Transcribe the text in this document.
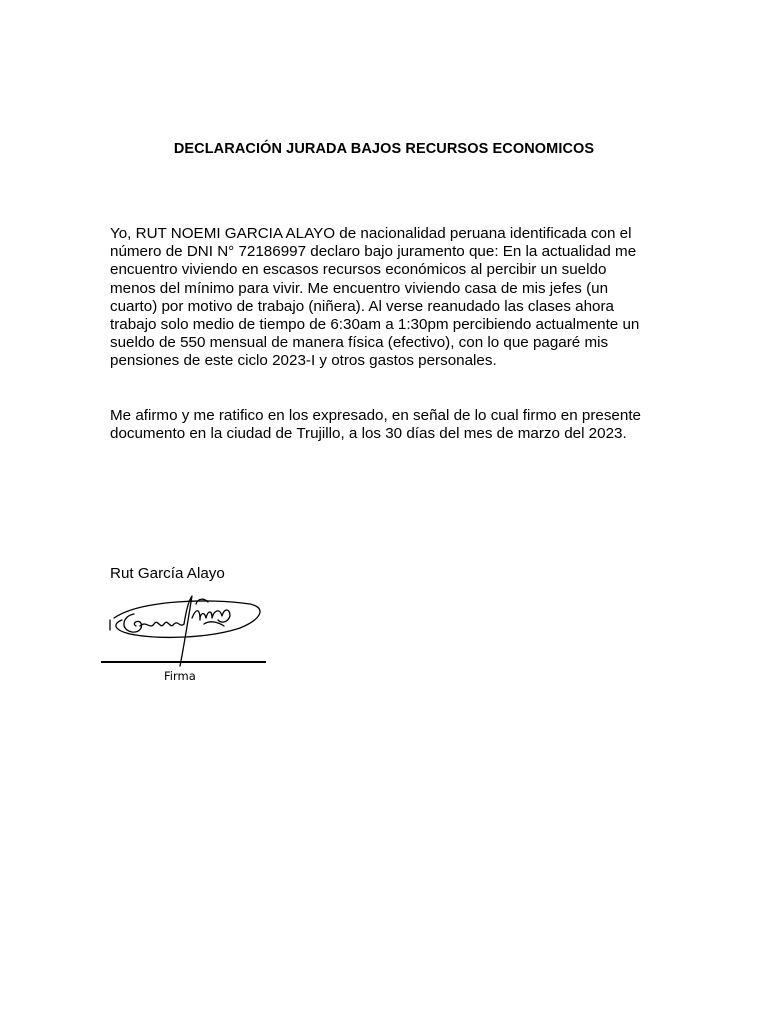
DECLARACIÓN JURADA BAJOS RECURSOS ECONOMICOS
Yo, RUT NOEMI GARCIA ALAYO de nacionalidad peruana identificada con el
número de DNI N° 72186997 declaro bajo juramento que: En la actualidad me
encuentro viviendo en escasos recursos económicos al percibir un sueldo
menos del mínimo para vivir. Me encuentro viviendo casa de mis jefes (un
cuarto) por motivo de trabajo (niñera). Al verse reanudado las clases ahora
trabajo solo medio de tiempo de 6:30am a 1:30pm percibiendo actualmente un
sueldo de 550 mensual de manera física (efectivo), con lo que pagaré mis
pensiones de este ciclo 2023-I y otros gastos personales.
Me afirmo y me ratifico en los expresado, en señal de lo cual firmo en presente
documento en la ciudad de Trujillo, a los 30 días del mes de marzo del 2023.
Rut García Alayo
Firma
